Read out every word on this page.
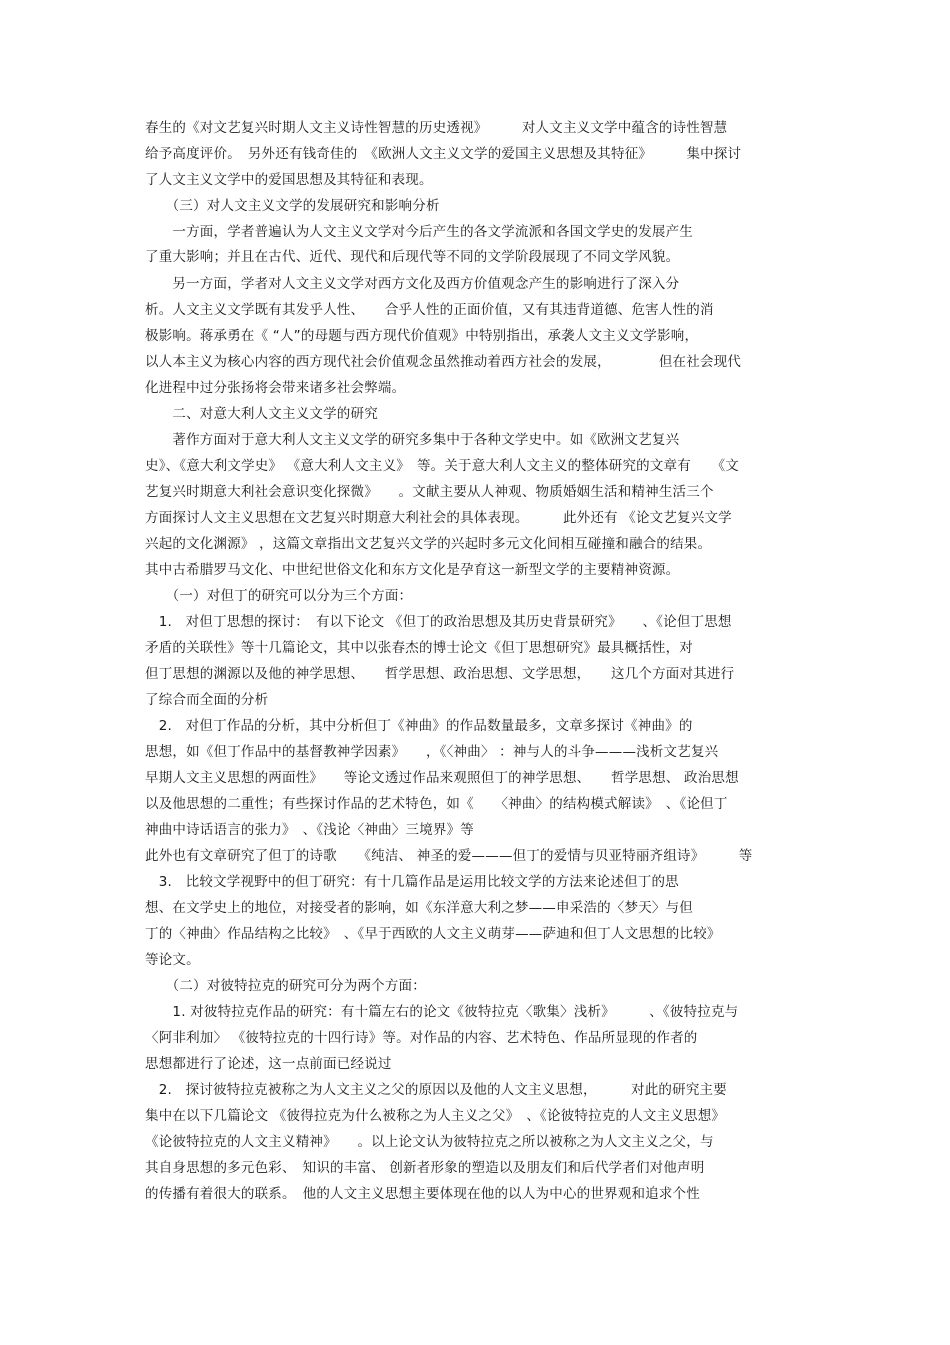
春生的《对文艺复兴时期人文主义诗性智慧的历史透视》　　　对人文主义文学中蕴含的诗性智慧
给予高度评价。　另外还有钱奇佳的　《欧洲人文主义文学的爱国主义思想及其特征》　　　集中探讨
了人文主义文学中的爱国思想及其特征和表现。
　　（三）对人文主义文学的发展研究和影响分析
　　一方面，学者普遍认为人文主义文学对今后产生的各文学流派和各国文学史的发展产生
了重大影响；并且在古代、近代、现代和后现代等不同的文学阶段展现了不同文学风貌。
　　另一方面，学者对人文主义文学对西方文化及西方价值观念产生的影响进行了深入分
析。人文主义文学既有其发乎人性、　　合乎人性的正面价值，又有其违背道德、危害人性的消
极影响。蒋承勇在《 “人”的母题与西方现代价值观》中特别指出，承袭人文主义文学影响，
以人本主义为核心内容的西方现代社会价值观念虽然推动着西方社会的发展，　　　　但在社会现代
化进程中过分张扬将会带来诸多社会弊端。
　　二、对意大利人文主义文学的研究
　　著作方面对于意大利人文主义文学的研究多集中于各种文学史中。如《欧洲文艺复兴
史》、《意大利文学史》 《意大利人文主义》　等。关于意大利人文主义的整体研究的文章有　　《文
艺复兴时期意大利社会意识变化探微》　　。文献主要从人神观、物质婚姻生活和精神生活三个
方面探讨人文主义思想在文艺复兴时期意大利社会的具体表现。　　　此外还有 《论文艺复兴文学
兴起的文化渊源》 ，这篇文章指出文艺复兴文学的兴起时多元文化间相互碰撞和融合的结果。
其中古希腊罗马文化、中世纪世俗文化和东方文化是孕育这一新型文学的主要精神资源。
　　（一）对但丁的研究可以分为三个方面：
　1.　对但丁思想的探讨：　有以下论文 《但丁的政治思想及其历史背景研究》　　、《论但丁思想
矛盾的关联性》等十几篇论文，其中以张春杰的博士论文《但丁思想研究》最具概括性，对
但丁思想的渊源以及他的神学思想、　　哲学思想、政治思想、文学思想，　　这几个方面对其进行
了综合而全面的分析
　2.　对但丁作品的分析，其中分析但丁《神曲》的作品数量最多，文章多探讨《神曲》的
思想，如《但丁作品中的基督教神学因素》　　，《〈神曲〉 ：神与人的斗争———浅析文艺复兴
早期人文主义思想的两面性》　　等论文透过作品来观照但丁的神学思想、　　哲学思想、 政治思想
以及他思想的二重性；有些探讨作品的艺术特色，如《　　〈神曲〉的结构模式解读》　、《论但丁
神曲中诗话语言的张力》　、《浅论〈神曲〉三境界》等
此外也有文章研究了但丁的诗歌　　《纯洁、 神圣的爱———但丁的爱情与贝亚特丽齐组诗》　　　等
　3.　比较文学视野中的但丁研究：有十几篇作品是运用比较文学的方法来论述但丁的思
想、在文学史上的地位，对接受者的影响，如《东洋意大利之梦——申采浩的〈梦天〉与但
丁的〈神曲〉作品结构之比较》　、《早于西欧的人文主义萌芽——萨迪和但丁人文思想的比较》
等论文。
　　（二）对彼特拉克的研究可分为两个方面：
　　1. 对彼特拉克作品的研究：有十篇左右的论文《彼特拉克〈歌集〉浅析》　　　、《彼特拉克与
〈阿非利加〉 《彼特拉克的十四行诗》等。对作品的内容、艺术特色、作品所显现的作者的
思想都进行了论述，这一点前面已经说过
　2.　探讨彼特拉克被称之为人文主义之父的原因以及他的人文主义思想，　　　对此的研究主要
集中在以下几篇论文 《彼得拉克为什么被称之为人主义之父》　、《论彼特拉克的人文主义思想》
《论彼特拉克的人文主义精神》　　。以上论文认为彼特拉克之所以被称之为人文主义之父，与
其自身思想的多元色彩、　知识的丰富、 创新者形象的塑造以及朋友们和后代学者们对他声明
的传播有着很大的联系。　他的人文主义思想主要体现在他的以人为中心的世界观和追求个性
